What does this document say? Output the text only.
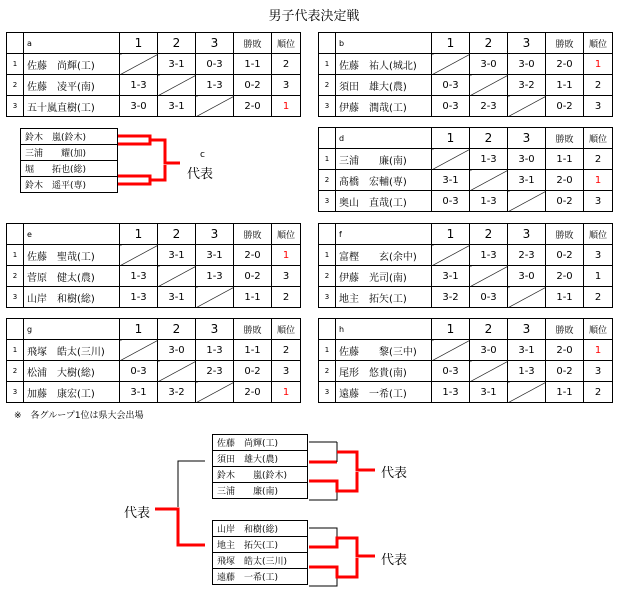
男子代表決定戦
	a	1	2	3	勝敗	順位
1	佐藤　尚輝(工)		3-1	0-3	1-1	2
2	佐藤　凌平(南)	1-3		1-3	0-2	3
3	五十嵐直樹(工)	3-0	3-1		2-0	1
	b	1	2	3	勝敗	順位
1	佐藤　祐人(城北)		3-0	3-0	2-0	1
2	須田　雄大(農)	0-3		3-2	1-1	2
3	伊藤　潤哉(工)	0-3	2-3		0-2	3
	d	1	2	3	勝敗	順位
1	三浦　　廉(南)		1-3	3-0	1-1	2
2	髙橋　宏輔(専)	3-1		3-1	2-0	1
3	奥山　直哉(工)	0-3	1-3		0-2	3
	e	1	2	3	勝敗	順位
1	佐藤　聖哉(工)		3-1	3-1	2-0	1
2	菅原　健太(農)	1-3		1-3	0-2	3
3	山岸　和樹(総)	1-3	3-1		1-1	2
	f	1	2	3	勝敗	順位
1	富樫　　玄(余中)		1-3	2-3	0-2	3
2	伊藤　光司(南)	3-1		3-0	2-0	1
3	地主　拓矢(工)	3-2	0-3		1-1	2
	g	1	2	3	勝敗	順位
1	飛塚　皓太(三川)		3-0	1-3	1-1	2
2	松浦　大樹(総)	0-3		2-3	0-2	3
3	加藤　康宏(工)	3-1	3-2		2-0	1
	h	1	2	3	勝敗	順位
1	佐藤　　黎(三中)		3-0	3-1	2-0	1
2	尾形　悠貴(南)	0-3		1-3	0-2	3
3	遠藤　一希(工)	1-3	3-1		1-1	2
鈴木　嵐(鈴木)
三浦　　耀(加)
堀　　拓也(総)
鈴木　遥平(専)
c
代表
※　各グループ1位は県大会出場
佐藤　尚輝(工)
須田　雄大(農)
鈴木　　嵐(鈴木)
三浦　　廉(南)
山岸　和樹(総)
地主　拓矢(工)
飛塚　皓太(三川)
遠藤　一希(工)
代表
代表
代表
